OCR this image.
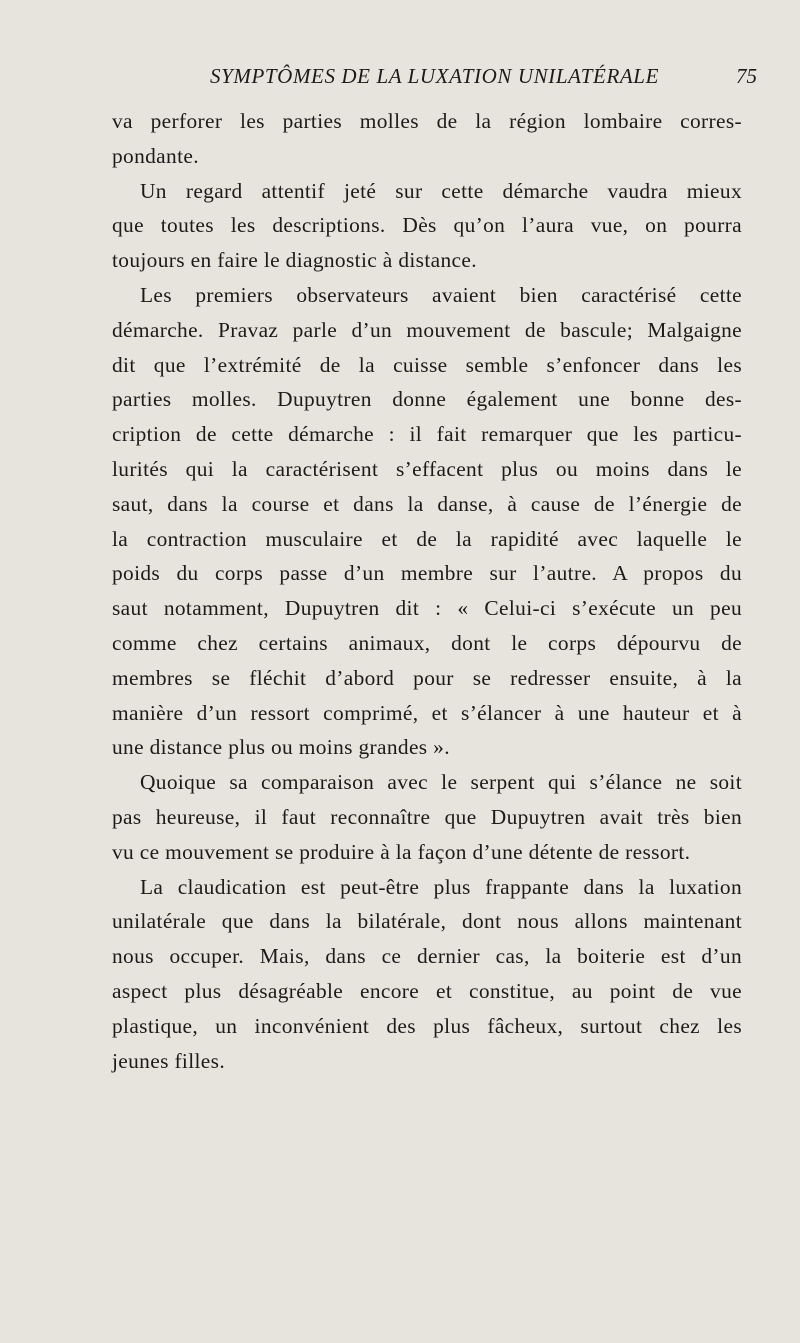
SYMPTÔMES DE LA LUXATION UNILATÉRALE	75
va perforer les parties molles de la région lombaire corres-
pondante.
Un regard attentif jeté sur cette démarche vaudra mieux
que toutes les descriptions. Dès qu’on l’aura vue, on pourra
toujours en faire le diagnostic à distance.
Les premiers observateurs avaient bien caractérisé cette
démarche. Pravaz parle d’un mouvement de bascule; Malgaigne
dit que l’extrémité de la cuisse semble s’enfoncer dans les
parties molles. Dupuytren donne également une bonne des-
cription de cette démarche : il fait remarquer que les particu-
lurités qui la caractérisent s’effacent plus ou moins dans le
saut, dans la course et dans la danse, à cause de l’énergie de
la contraction musculaire et de la rapidité avec laquelle le
poids du corps passe d’un membre sur l’autre. A propos du
saut notamment, Dupuytren dit : « Celui-ci s’exécute un peu
comme chez certains animaux, dont le corps dépourvu de
membres se fléchit d’abord pour se redresser ensuite, à la
manière d’un ressort comprimé, et s’élancer à une hauteur et à
une distance plus ou moins grandes ».
Quoique sa comparaison avec le serpent qui s’élance ne soit
pas heureuse, il faut reconnaître que Dupuytren avait très bien
vu ce mouvement se produire à la façon d’une détente de ressort.
La claudication est peut-être plus frappante dans la luxation
unilatérale que dans la bilatérale, dont nous allons maintenant
nous occuper. Mais, dans ce dernier cas, la boiterie est d’un
aspect plus désagréable encore et constitue, au point de vue
plastique, un inconvénient des plus fâcheux, surtout chez les
jeunes filles.
